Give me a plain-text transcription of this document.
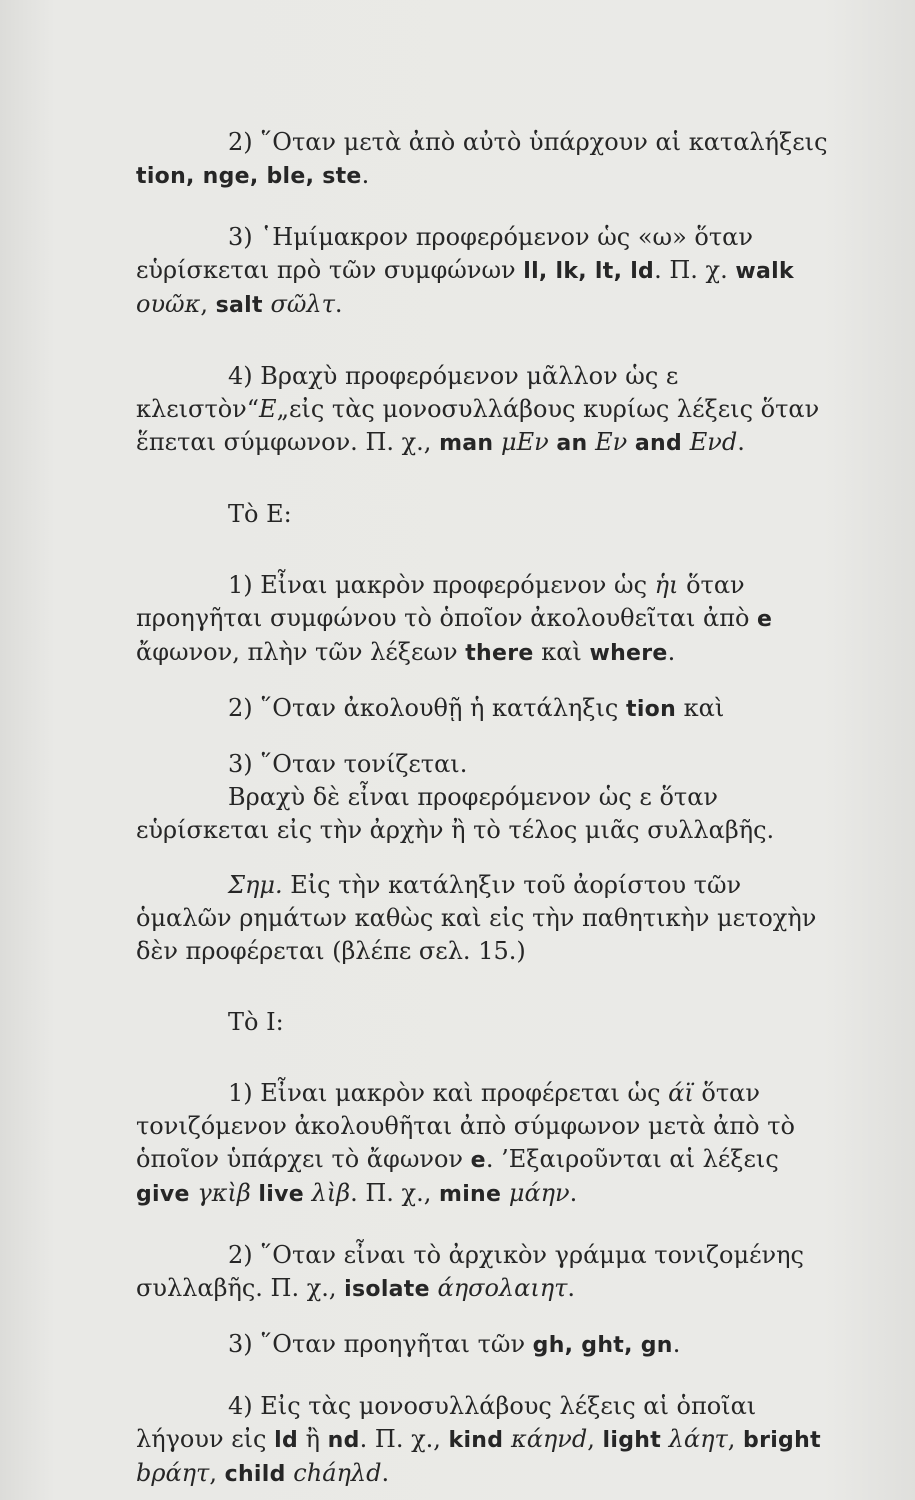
2) ῞Οταν μετὰ ἀπὸ αὐτὸ ὑπάρχουν αἱ καταλήξεις tion, nge, ble, ste.

3) ῾Ημίμακρον προφερόμενον ὡς «ω» ὅταν εὑρίσκεται πρὸ τῶν συμφώνων ll, lk, lt, ld. Π. χ. walk ουῶκ, salt σῶλτ.

4) Βραχὺ προφερόμενον μᾶλλον ὡς ε κλειστὸν“Ε„εἰς τὰς μονοσυλλάβους κυρίως λέξεις ὅταν ἕπεται σύμφωνον. Π. χ., man μΕν an Εν and Ενd.

Τὸ Ε:

1) Εἶναι μακρὸν προφερόμενον ὡς ἡι ὅταν προηγῆται συμφώνου τὸ ὁποῖον ἀκολουθεῖται ἀπὸ e ἄφωνον, πλὴν τῶν λέξεων there καὶ where.

2) ῞Οταν ἀκολουθῇ ἡ κατάληξις tion καὶ

3) ῞Οταν τονίζεται.

Βραχὺ δὲ εἶναι προφερόμενον ὡς ε ὅταν εὑρίσκεται εἰς τὴν ἀρχὴν ἢ τὸ τέλος μιᾶς συλλαβῆς.

Σημ. Εἰς τὴν κατάληξιν τοῦ ἀορίστου τῶν ὁμαλῶν ρημάτων καθὼς καὶ εἰς τὴν παθητικὴν μετοχὴν δὲν προφέρεται (βλέπε σελ. 15.)

Τὸ Ι:

1) Εἶναι μακρὸν καὶ προφέρεται ὡς άϊ ὅταν τονιζόμενον ἀκολουθῆται ἀπὸ σύμφωνον μετὰ ἀπὸ τὸ ὁποῖον ὑπάρχει τὸ ἄφωνον e. ’Εξαιροῦνται αἱ λέξεις give γκὶβ live λὶβ. Π. χ., mine μάην.

2) ῞Οταν εἶναι τὸ ἀρχικὸν γράμμα τονιζομένης συλλαβῆς. Π. χ., isolate άησολαιητ.

3) ῞Οταν προηγῆται τῶν gh, ght, gn.

4) Εἰς τὰς μονοσυλλάβους λέξεις αἱ ὁποῖαι λήγουν εἰς ld ἢ nd. Π. χ., kind κάηνd, light λάητ, bright bράητ, child cháηλd.
